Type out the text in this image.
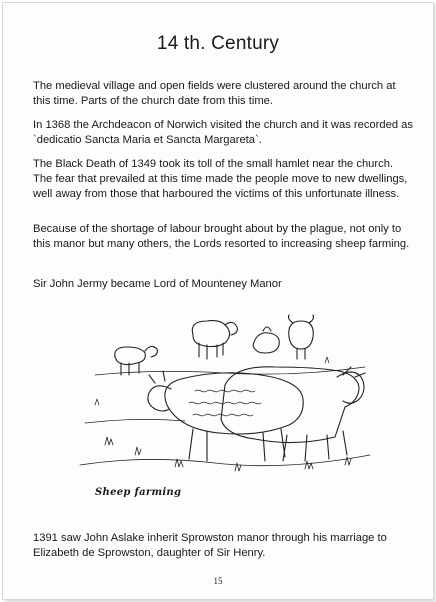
14 th. Century

The medieval village and open fields were clustered around the church at this time. Parts of the church date from this time.

In 1368 the Archdeacon of Norwich visited the church and it was recorded as `dedicatio Sancta Maria et Sancta Margareta`.

The Black Death of 1349 took its toll of the small hamlet near the church. The fear that prevailed at this time made the people move to new dwellings, well away from those that harboured the victims of this unfortunate illness.

Because of the shortage of labour brought about by the plague, not only to this manor but many others, the Lords resorted to increasing sheep farming.

Sir John Jermy became Lord of Mounteney Manor

Sheep farming

1391 saw John Aslake inherit Sprowston manor through his marriage to Elizabeth de Sprowston, daughter of Sir Henry.

15
